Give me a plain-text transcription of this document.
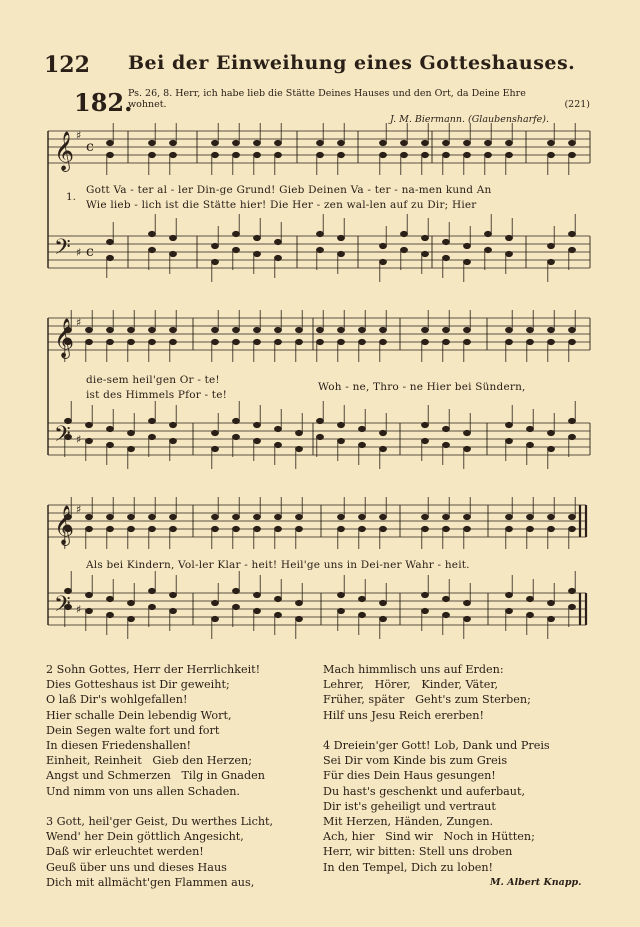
122 Bei der Einweihung eines Gotteshauses.
182.
Ps. 26, 8. Herr, ich habe lieb die Stätte Deines Hauses und den Ort, da Deine Ehre
wohnet.	(221)
J. M. Biermann. (Glaubensharfe).
𝄞
𝄢
♯
♯
c
c
𝄞
𝄢
♯
♯
𝄞
𝄢
♯
♯
1.
Gott Va - ter al - ler Din-ge Grund! Gieb Deinen Va - ter - na-men kund An
Wie lieb - lich ist die Stätte hier! Die Her - zen wal-len auf zu Dir; Hier
die-sem heil'gen Or - te!
ist des Himmels Pfor - te!
Woh - ne, Thro - ne Hier bei Sündern,
Als bei Kindern, Vol-ler Klar - heit! Heil'ge uns in Dei-ner Wahr - heit.
2 Sohn Gottes, Herr der Herrlichkeit!
Dies Gotteshaus ist Dir geweiht;
O laß Dir's wohlgefallen!
Hier schalle Dein lebendig Wort,
Dein Segen walte fort und fort
In diesen Friedenshallen!
Einheit, Reinheit   Gieb den Herzen;
Angst und Schmerzen   Tilg in Gnaden
Und nimm von uns allen Schaden.

3 Gott, heil'ger Geist, Du werthes Licht,
Wend' her Dein göttlich Angesicht,
Daß wir erleuchtet werden!
Geuß über uns und dieses Haus
Dich mit allmächt'gen Flammen aus,
Mach himmlisch uns auf Erden:
Lehrer,   Hörer,   Kinder, Väter,
Früher, später   Geht's zum Sterben;
Hilf uns Jesu Reich ererben!

4 Dreiein'ger Gott! Lob, Dank und Preis
Sei Dir vom Kinde bis zum Greis
Für dies Dein Haus gesungen!
Du hast's geschenkt und auferbaut,
Dir ist's geheiligt und vertraut
Mit Herzen, Händen, Zungen.
Ach, hier   Sind wir   Noch in Hütten;
Herr, wir bitten: Stell uns droben
In den Tempel, Dich zu loben!
M. Albert Knapp.
